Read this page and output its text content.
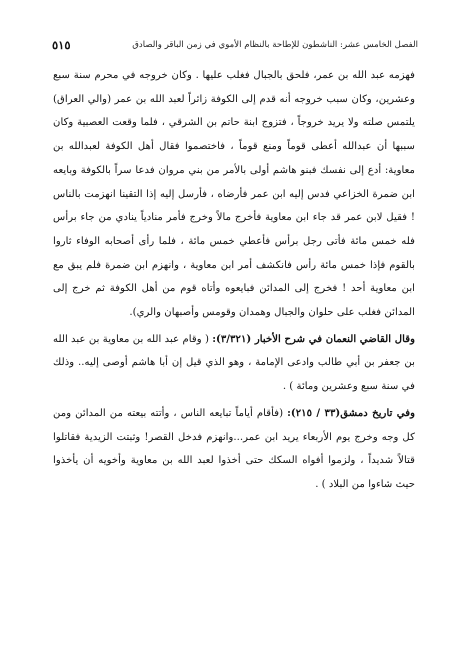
الفصل الخامس عشر: الناشطون للإطاحة بالنظام الأموي في زمن الباقر والصادق
٥١٥

فهزمه عبد الله بن عمر، فلحق بالجبال فغلب عليها . وكان خروجه في محرم سنة سبع وعشرين، وكان سبب خروجه أنه قدم إلى الكوفة زائراً لعبد الله بن عمر (والي العراق) يلتمس صلته ولا يريد خروجاً ، فتزوج ابنة حاتم بن الشرقي ، فلما وقعت العصبية وكان سببها أن عبدالله أعطى قوماً ومنع قوماً ، فاختصموا فقال أهل الكوفة لعبدالله بن معاوية: أدع إلى نفسك فبنو هاشم أولى بالأمر من بني مروان فدعا سراً بالكوفة وبايعه ابن ضمرة الخزاعي فدس إليه ابن عمر فأرضاه ، فأرسل إليه إذا التقينا انهزمت بالناس ! فقيل لابن عمر قد جاء ابن معاوية فأخرج مالاً وخرج فأمر منادياً ينادي من جاء برأس فله خمس مائة فأتى رجل برأس فأعطي خمس مائة ، فلما رأى أصحابه الوفاء ثاروا بالقوم فإذا خمس مائة رأس فانكشف أمر ابن معاوية ، وانهزم ابن ضمرة فلم يبق مع ابن معاوية أحد ! فخرج إلى المدائن فبايعوه وأتاه قوم من أهل الكوفة ثم خرج إلى المدائن فغلب على حلوان والجبال وهمدان وقومس وأصبهان والري).

وقال القاضي النعمان في شرح الأخبار (٣/٣٢١): ( وقام عبد الله بن معاوية بن عبد الله بن جعفر بن أبي طالب وادعى الإمامة ، وهو الذي قيل إن أبا هاشم أوصى إليه.. وذلك في سنة سبع وعشرين ومائة ) .

وفي تاريخ دمشق(٣٣ / ٢١٥): (فأقام أياماً تبايعه الناس ، وأتته بيعته من المدائن ومن كل وجه وخرج يوم الأربعاء يريد ابن عمر...وانهزم فدخل القصر! وثبتت الزيدية فقاتلوا قتالاً شديداً ، ولزموا أفواه السكك حتى أخذوا لعبد الله بن معاوية وأخويه أن يأخذوا حيث شاءوا من البلاد ) .
